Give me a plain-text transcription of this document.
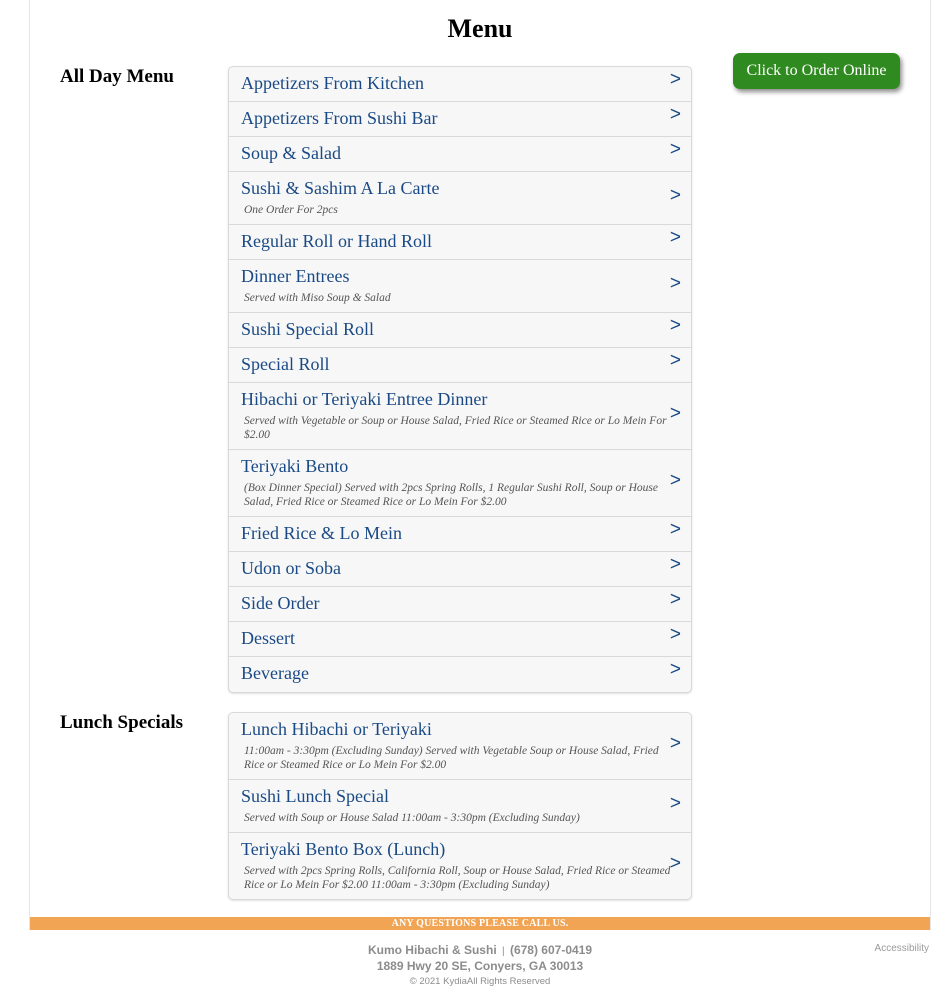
Menu
All Day Menu	Click to Order Online
Appetizers From Kitchen	>
Appetizers From Sushi Bar	>
Soup & Salad	>
Sushi & Sashim A La Carte
One Order For 2pcs
>
Regular Roll or Hand Roll	>
Dinner Entrees
Served with Miso Soup & Salad
>
Sushi Special Roll	>
Special Roll	>
Hibachi or Teriyaki Entree Dinner
Served with Vegetable or Soup or House Salad, Fried Rice or Steamed Rice or Lo Mein For $2.00
>
Teriyaki Bento
(Box Dinner Special) Served with 2pcs Spring Rolls, 1 Regular Sushi Roll, Soup or House Salad, Fried Rice or Steamed Rice or Lo Mein For $2.00
>
Fried Rice & Lo Mein	>
Udon or Soba	>
Side Order	>
Dessert	>
Beverage	>
Lunch Specials	Lunch Hibachi or Teriyaki
11:00am - 3:30pm (Excluding Sunday) Served with Vegetable Soup or House Salad, Fried Rice or Steamed Rice or Lo Mein For $2.00
>
Sushi Lunch Special
Served with Soup or House Salad 11:00am - 3:30pm (Excluding Sunday)
>
Teriyaki Bento Box (Lunch)
Served with 2pcs Spring Rolls, California Roll, Soup or House Salad, Fried Rice or Steamed Rice or Lo Mein For $2.00 11:00am - 3:30pm (Excluding Sunday)
>
ANY QUESTIONS PLEASE CALL US.
Kumo Hibachi & Sushi | (678) 607-0419
1889 Hwy 20 SE, Conyers, GA 30013
© 2021 KydiaAll Rights Reserved
Accessibility
